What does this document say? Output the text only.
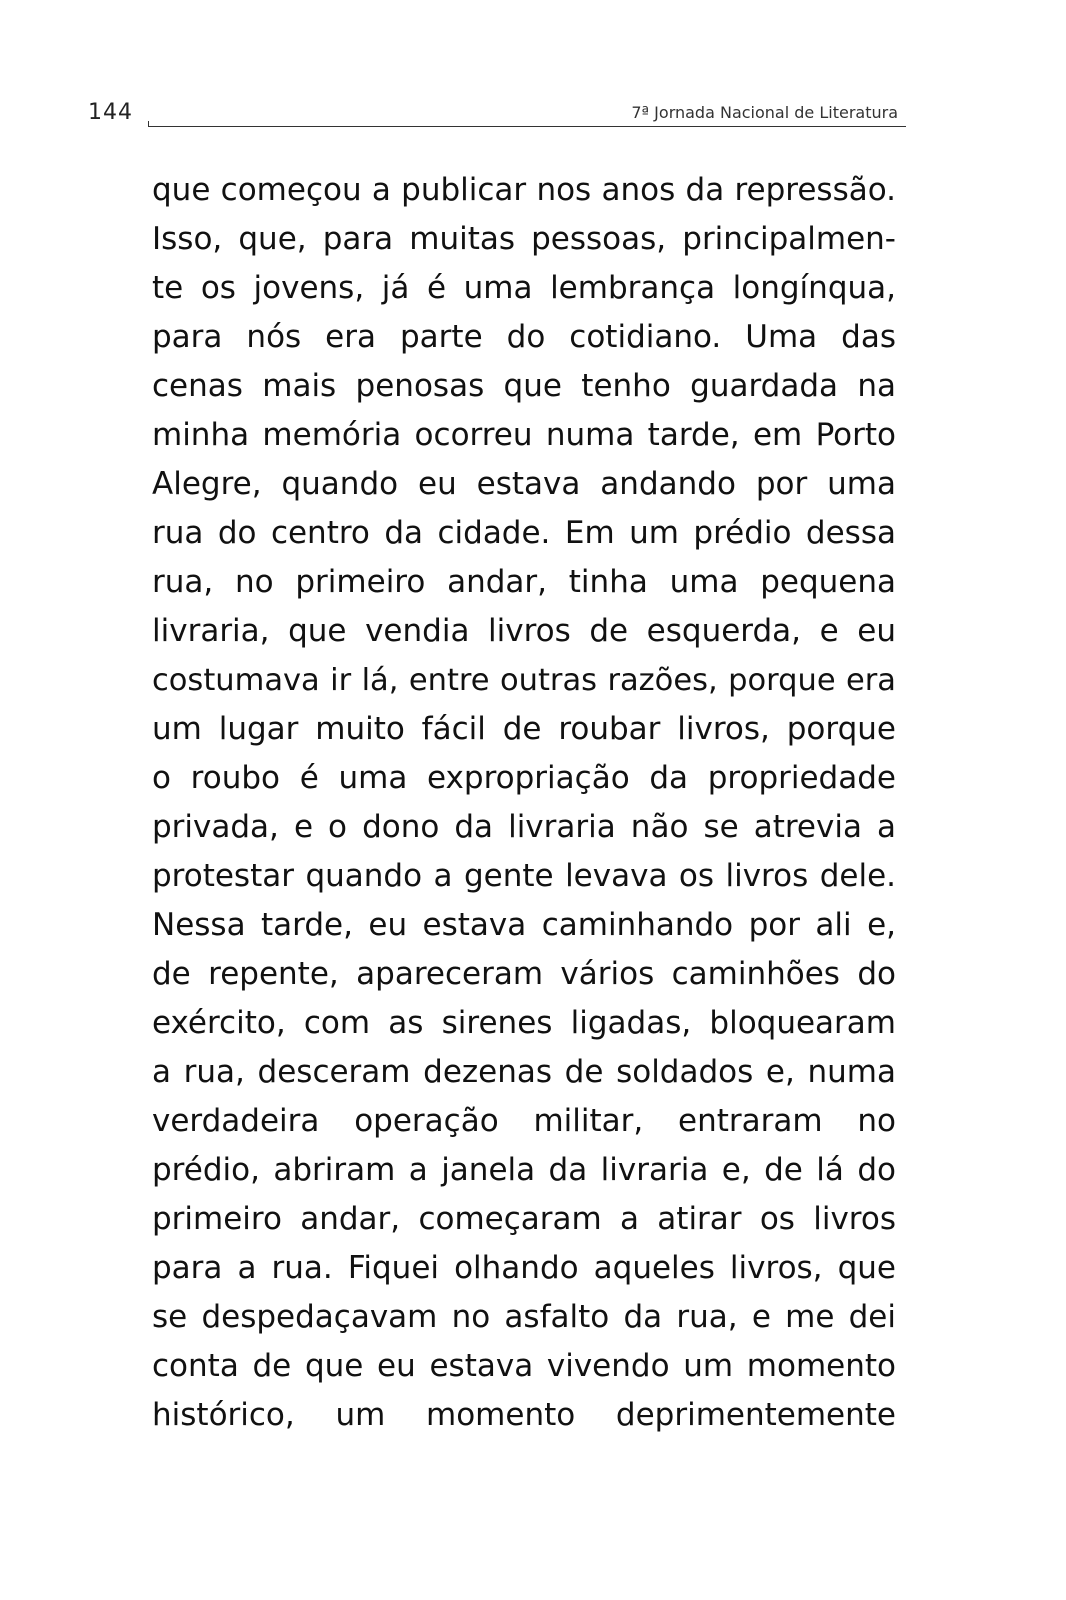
144	7ª Jornada Nacional de Literatura
que começou a publicar nos anos da repressão.
Isso, que, para muitas pessoas, principalmen-
te os jovens, já é uma lembrança longínqua,
para nós era parte do cotidiano. Uma das
cenas mais penosas que tenho guardada na
minha memória ocorreu numa tarde, em Porto
Alegre, quando eu estava andando por uma
rua do centro da cidade. Em um prédio dessa
rua, no primeiro andar, tinha uma pequena
livraria, que vendia livros de esquerda, e eu
costumava ir lá, entre outras razões, porque era
um lugar muito fácil de roubar livros, porque
o roubo é uma expropriação da propriedade
privada, e o dono da livraria não se atrevia a
protestar quando a gente levava os livros dele.
Nessa tarde, eu estava caminhando por ali e,
de repente, apareceram vários caminhões do
exército, com as sirenes ligadas, bloquearam
a rua, desceram dezenas de soldados e, numa
verdadeira operação militar, entraram no
prédio, abriram a janela da livraria e, de lá do
primeiro andar, começaram a atirar os livros
para a rua. Fiquei olhando aqueles livros, que
se despedaçavam no asfalto da rua, e me dei
conta de que eu estava vivendo um momento
histórico, um momento deprimentemente
